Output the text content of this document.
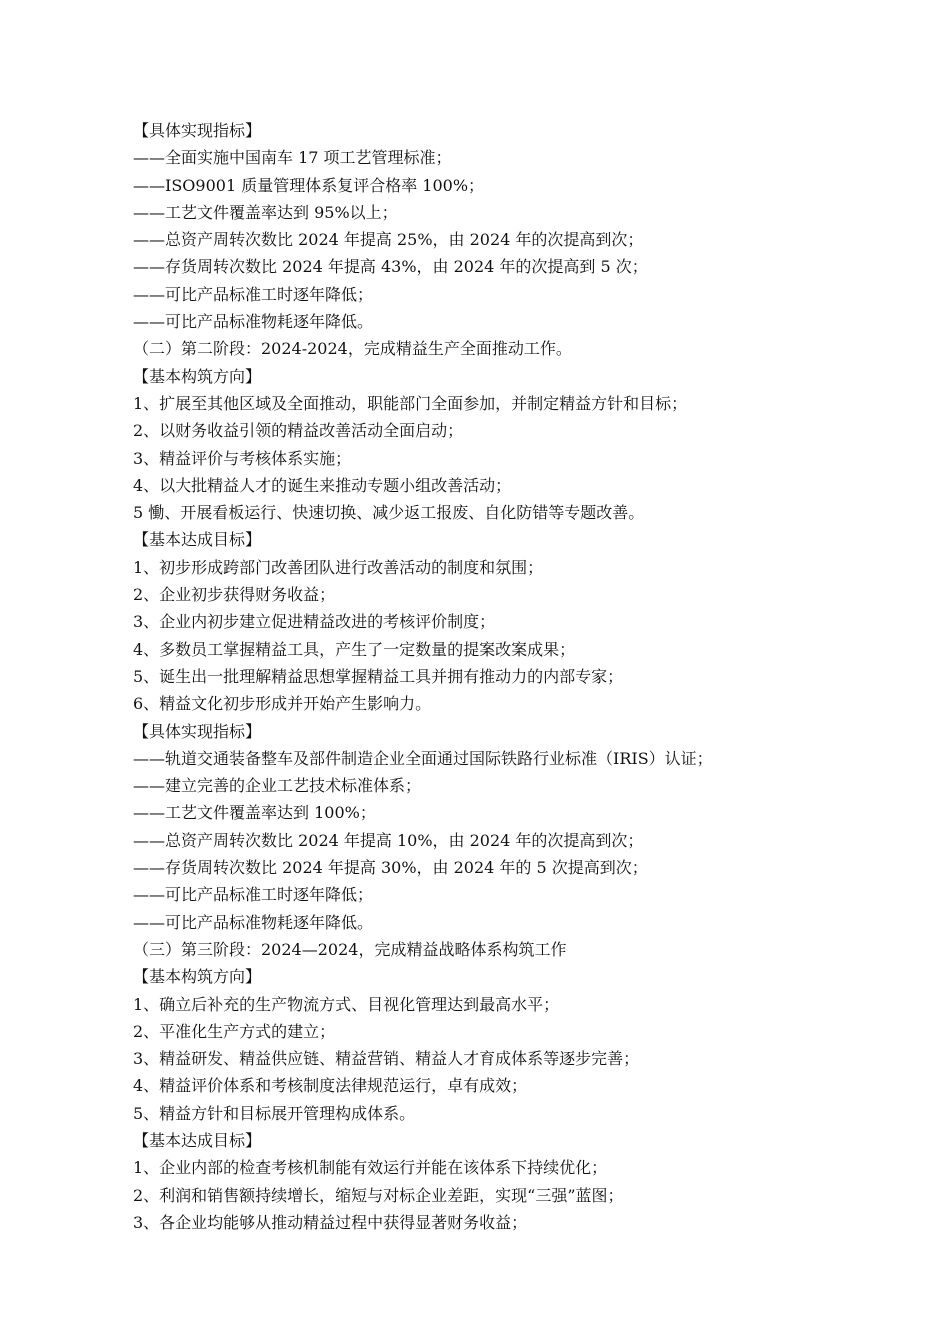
【具体实现指标】
——全面实施中国南车 17 项工艺管理标准；
——ISO9001 质量管理体系复评合格率 100%；
——工艺文件覆盖率达到 95%以上；
——总资产周转次数比 2024 年提高 25%，由 2024 年的次提高到次；
——存货周转次数比 2024 年提高 43%，由 2024 年的次提高到 5 次；
——可比产品标准工时逐年降低；
——可比产品标准物耗逐年降低。
（二）第二阶段：2024-2024，完成精益生产全面推动工作。
【基本构筑方向】
1、扩展至其他区域及全面推动，职能部门全面参加，并制定精益方针和目标；
2、以财务收益引领的精益改善活动全面启动；
3、精益评价与考核体系实施；
4、以大批精益人才的诞生来推动专题小组改善活动；
5 慟、开展看板运行、快速切换、减少返工报废、自化防错等专题改善。
【基本达成目标】
1、初步形成跨部门改善团队进行改善活动的制度和氛围；
2、企业初步获得财务收益；
3、企业内初步建立促进精益改进的考核评价制度；
4、多数员工掌握精益工具，产生了一定数量的提案改案成果；
5、诞生出一批理解精益思想掌握精益工具并拥有推动力的内部专家；
6、精益文化初步形成并开始产生影响力。
【具体实现指标】
——轨道交通装备整车及部件制造企业全面通过国际铁路行业标准（IRIS）认证；
——建立完善的企业工艺技术标准体系；
——工艺文件覆盖率达到 100%；
——总资产周转次数比 2024 年提高 10%，由 2024 年的次提高到次；
——存货周转次数比 2024 年提高 30%，由 2024 年的 5 次提高到次；
——可比产品标准工时逐年降低；
——可比产品标准物耗逐年降低。
（三）第三阶段：2024—2024，完成精益战略体系构筑工作
【基本构筑方向】
1、确立后补充的生产物流方式、目视化管理达到最高水平；
2、平准化生产方式的建立；
3、精益研发、精益供应链、精益营销、精益人才育成体系等逐步完善；
4、精益评价体系和考核制度法律规范运行，卓有成效；
5、精益方针和目标展开管理构成体系。
【基本达成目标】
1、企业内部的检查考核机制能有效运行并能在该体系下持续优化；
2、利润和销售额持续增长，缩短与对标企业差距，实现“三强”蓝图；
3、各企业均能够从推动精益过程中获得显著财务收益；
